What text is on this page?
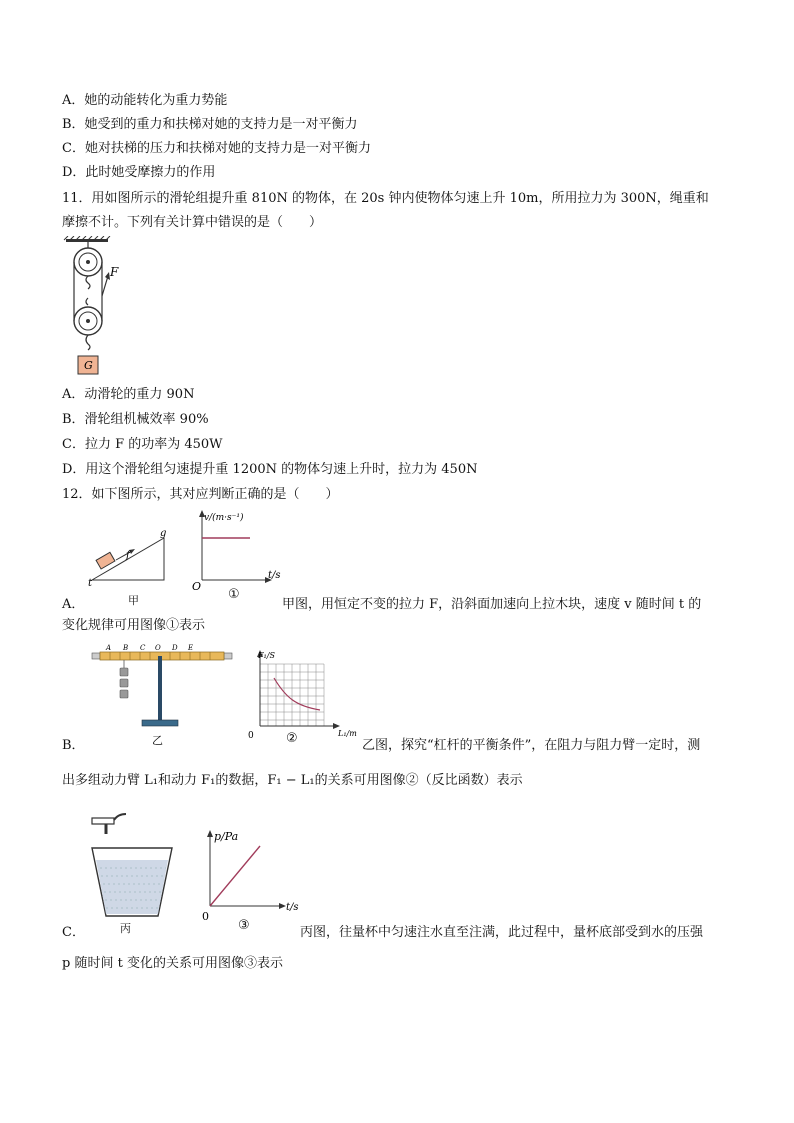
A．她的动能转化为重力势能
B．她受到的重力和扶梯对她的支持力是一对平衡力
C．她对扶梯的压力和扶梯对她的支持力是一对平衡力
D．此时她受摩擦力的作用
11．用如图所示的滑轮组提升重 810N 的物体，在 20s 钟内使物体匀速上升 10m，所用拉力为 300N，绳重和
摩擦不计。下列有关计算中错误的是（　　）
F
G
A．动滑轮的重力 90N
B．滑轮组机械效率 90%
C．拉力 F 的功率为 450W
D．用这个滑轮组匀速提升重 1200N 的物体匀速上升时，拉力为 450N
12．如下图所示，其对应判断正确的是（　　）
g
f
t
甲
v/(m·s⁻¹)
t/s
O
①
A．	甲图，用恒定不变的拉力 F，沿斜面加速向上拉木块，速度 v 随时间 t 的
变化规律可用图像①表示
A B C O D E
乙
F₁/S
L₁/m
0 ②
B．	乙图，探究“杠杆的平衡条件”，在阻力与阻力臂一定时，测
出多组动力臂 L₁和动力 F₁的数据，F₁ − L₁的关系可用图像②（反比函数）表示
丙
p/Pa
t/s
0
③
C．	丙图，往量杯中匀速注水直至注满，此过程中，量杯底部受到水的压强
p 随时间 t 变化的关系可用图像③表示
